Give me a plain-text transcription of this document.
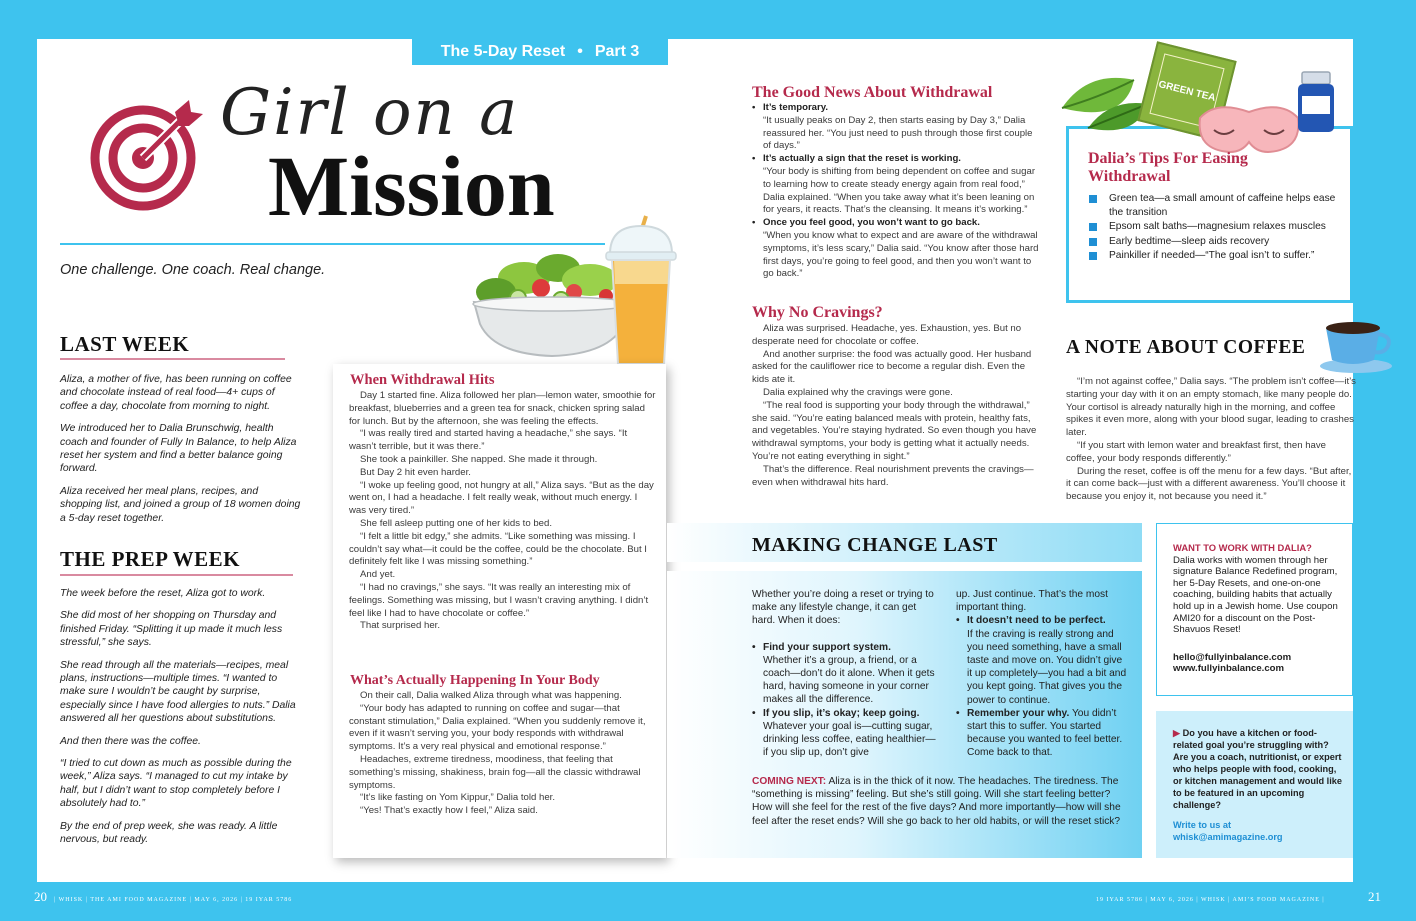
The 5-Day Reset • Part 3
Girl on a
Mission
One challenge. One coach. Real change.
LAST WEEK

Aliza, a mother of five, has been running on coffee and chocolate instead of real food—4+ cups of coffee a day, chocolate from morning to night.

We introduced her to Dalia Brunschwig, health coach and founder of Fully In Balance, to help Aliza reset her system and find a better balance going forward.

Aliza received her meal plans, recipes, and shopping list, and joined a group of 18 women doing a 5-day reset together.

THE PREP WEEK

The week before the reset, Aliza got to work.

She did most of her shopping on Thursday and finished Friday. “Splitting it up made it much less stressful,” she says.

She read through all the materials—recipes, meal plans, instructions—multiple times. “I wanted to make sure I wouldn’t be caught by surprise, especially since I have food allergies to nuts.” Dalia answered all her questions about substitutions.

And then there was the coffee.

“I tried to cut down as much as possible during the week,” Aliza says. “I managed to cut my intake by half, but I didn’t want to stop completely before I absolutely had to.”

By the end of prep week, she was ready. A little nervous, but ready.

When Withdrawal Hits

Day 1 started fine. Aliza followed her plan—lemon water, smoothie for breakfast, blueberries and a green tea for snack, chicken spring salad for lunch. But by the afternoon, she was feeling the effects.

“I was really tired and started having a headache,” she says. “It wasn’t terrible, but it was there.”

She took a painkiller. She napped. She made it through.

But Day 2 hit even harder.

“I woke up feeling good, not hungry at all,” Aliza says. “But as the day went on, I had a headache. I felt really weak, without much energy. I was very tired.”

She fell asleep putting one of her kids to bed.

“I felt a little bit edgy,” she admits. “Like something was missing. I couldn’t say what—it could be the coffee, could be the chocolate. But I definitely felt like I was missing something.”

And yet.

“I had no cravings,” she says. “It was really an interesting mix of feelings. Something was missing, but I wasn’t craving anything. I didn’t feel like I had to have chocolate or coffee.”

That surprised her.

What’s Actually Happening In Your Body

On their call, Dalia walked Aliza through what was happening.

“Your body has adapted to running on coffee and sugar—that constant stimulation,” Dalia explained. “When you suddenly remove it, even if it wasn’t serving you, your body responds with withdrawal symptoms. It’s a very real physical and emotional response.”

Headaches, extreme tiredness, moodiness, that feeling that something’s missing, shakiness, brain fog—all the classic withdrawal symptoms.

“It’s like fasting on Yom Kippur,” Dalia told her.

“Yes! That’s exactly how I feel,” Aliza said.

The Good News About Withdrawal
• It’s temporary.
“It usually peaks on Day 2, then starts easing by Day 3,” Dalia reassured her. “You just need to push through those first couple of days.”
• It’s actually a sign that the reset is working.
“Your body is shifting from being dependent on coffee and sugar to learning how to create steady energy again from real food,” Dalia explained. “When you take away what it’s been leaning on for years, it reacts. That’s the cleansing. It means it’s working.”
• Once you feel good, you won’t want to go back.
“When you know what to expect and are aware of the withdrawal symptoms, it’s less scary,” Dalia said. “You know after those hard first days, you’re going to feel good, and then you won’t want to go back.”
Why No Cravings?

Aliza was surprised. Headache, yes. Exhaustion, yes. But no desperate need for chocolate or coffee.

And another surprise: the food was actually good. Her husband asked for the cauliflower rice to become a regular dish. Even the kids ate it.

Dalia explained why the cravings were gone.

“The real food is supporting your body through the withdrawal,” she said. “You’re eating balanced meals with protein, healthy fats, and vegetables. You’re staying hydrated. So even though you have withdrawal symptoms, your body is getting what it actually needs. You’re not eating everything in sight.”

That’s the difference. Real nourishment prevents the cravings—even when withdrawal hits hard.

GREEN TEA
Dalia’s Tips For Easing
Withdrawal
Green tea—a small amount of caffeine helps ease the transition
Epsom salt baths—magnesium relaxes muscles
Early bedtime—sleep aids recovery
Painkiller if needed—“The goal isn’t to suffer.”
A NOTE ABOUT COFFEE

“I’m not against coffee,” Dalia says. “The problem isn’t coffee—it’s starting your day with it on an empty stomach, like many people do. Your cortisol is already naturally high in the morning, and coffee spikes it even more, along with your blood sugar, leading to crashes later.

“If you start with lemon water and breakfast first, then have coffee, your body responds differently.”

During the reset, coffee is off the menu for a few days. “But after, it can come back—just with a different awareness. You’ll choose it because you enjoy it, not because you need it.”

MAKING CHANGE LAST

Whether you’re doing a reset or trying to make any lifestyle change, it can get hard. When it does:

• Find your support system.
Whether it’s a group, a friend, or a coach—don’t do it alone. When it gets hard, having someone in your corner makes all the difference.
• If you slip, it’s okay; keep going. Whatever your goal is—cutting sugar, drinking less coffee, eating healthier—if you slip up, don’t give

up. Just continue. That’s the most important thing.

• It doesn’t need to be perfect.
If the craving is really strong and you need something, have a small taste and move on. You didn’t give it up completely—you had a bit and you kept going. That gives you the power to continue.
• Remember your why. You didn’t start this to suffer. You started because you wanted to feel better. Come back to that.
COMING NEXT: Aliza is in the thick of it now. The headaches. The tiredness. The “something is missing” feeling. But she’s still going. Will she start feeling better? How will she feel for the rest of the five days? And more importantly—how will she feel after the reset ends? Will she go back to her old habits, or will the reset stick?
WANT TO WORK WITH DALIA?
Dalia works with women through her signature Balance Redefined program, her 5-Day Resets, and one-on-one coaching, building habits that actually hold up in a Jewish home. Use coupon AMI20 for a discount on the Post-Shavuos Reset!
hello@fullyinbalance.com
www.fullyinbalance.com
▶ Do you have a kitchen or food-related goal you’re struggling with? Are you a coach, nutritionist, or expert who helps people with food, cooking, or kitchen management and would like to be featured in an upcoming challenge?
Write to us at whisk@amimagazine.org
20 | WHISK | THE AMI FOOD MAGAZINE | MAY 6, 2026 | 19 IYAR 5786	19 IYAR 5786 | MAY 6, 2026 | WHISK | AMI’S FOOD MAGAZINE |	21
